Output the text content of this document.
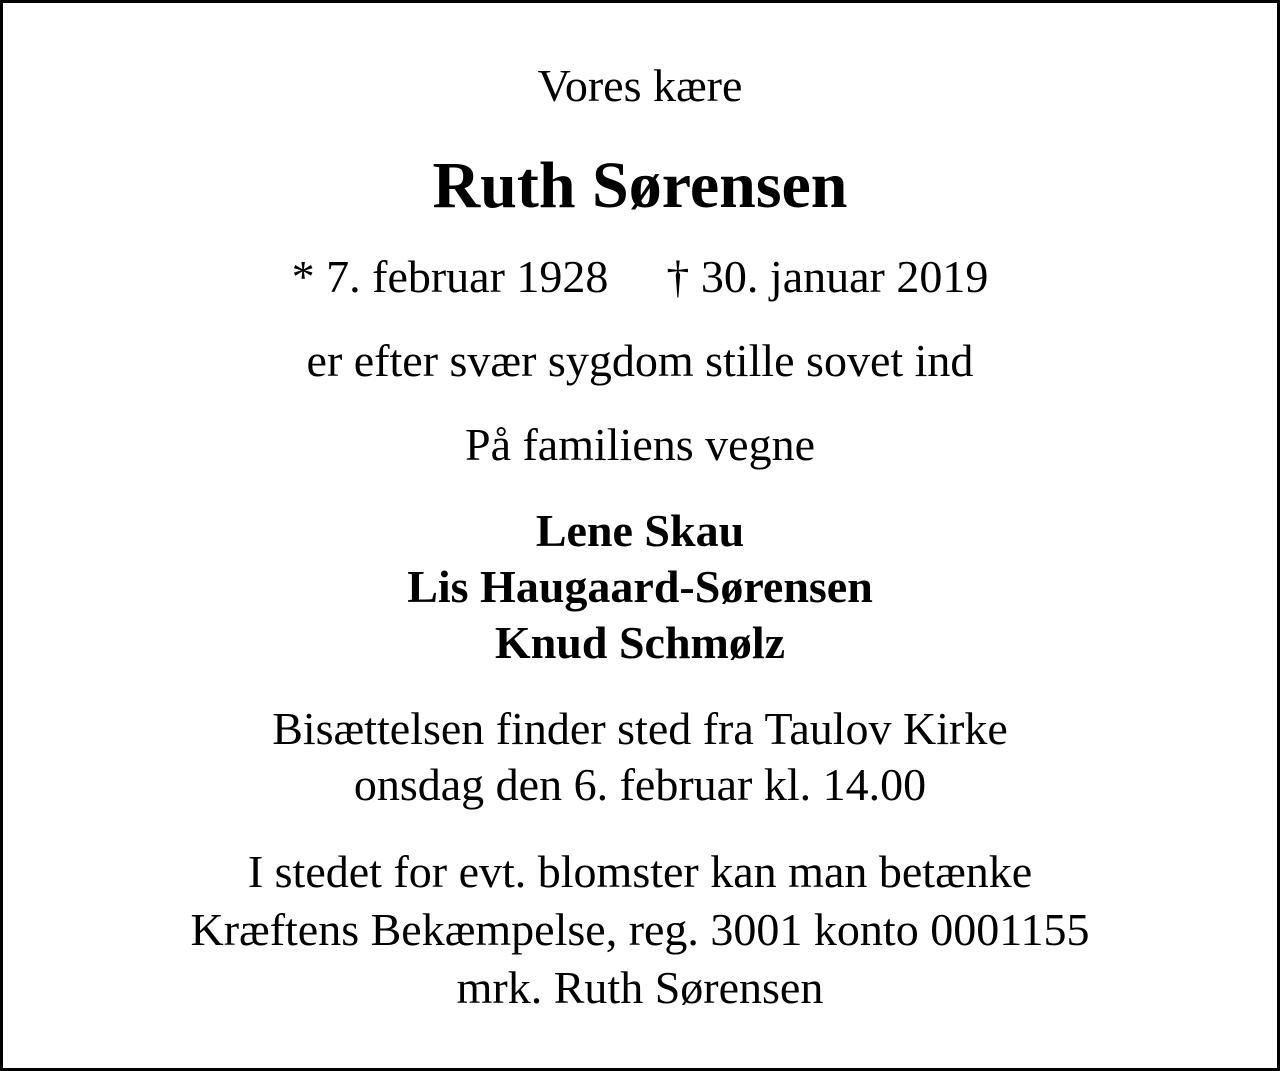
Vores kære
Ruth Sørensen
* 7. februar 1928 † 30. januar 2019
er efter svær sygdom stille sovet ind
På familiens vegne
Lene Skau
Lis Haugaard-Sørensen
Knud Schmølz
Bisættelsen finder sted fra Taulov Kirke
onsdag den 6. februar kl. 14.00
I stedet for evt. blomster kan man betænke
Kræftens Bekæmpelse, reg. 3001 konto 0001155
mrk. Ruth Sørensen
